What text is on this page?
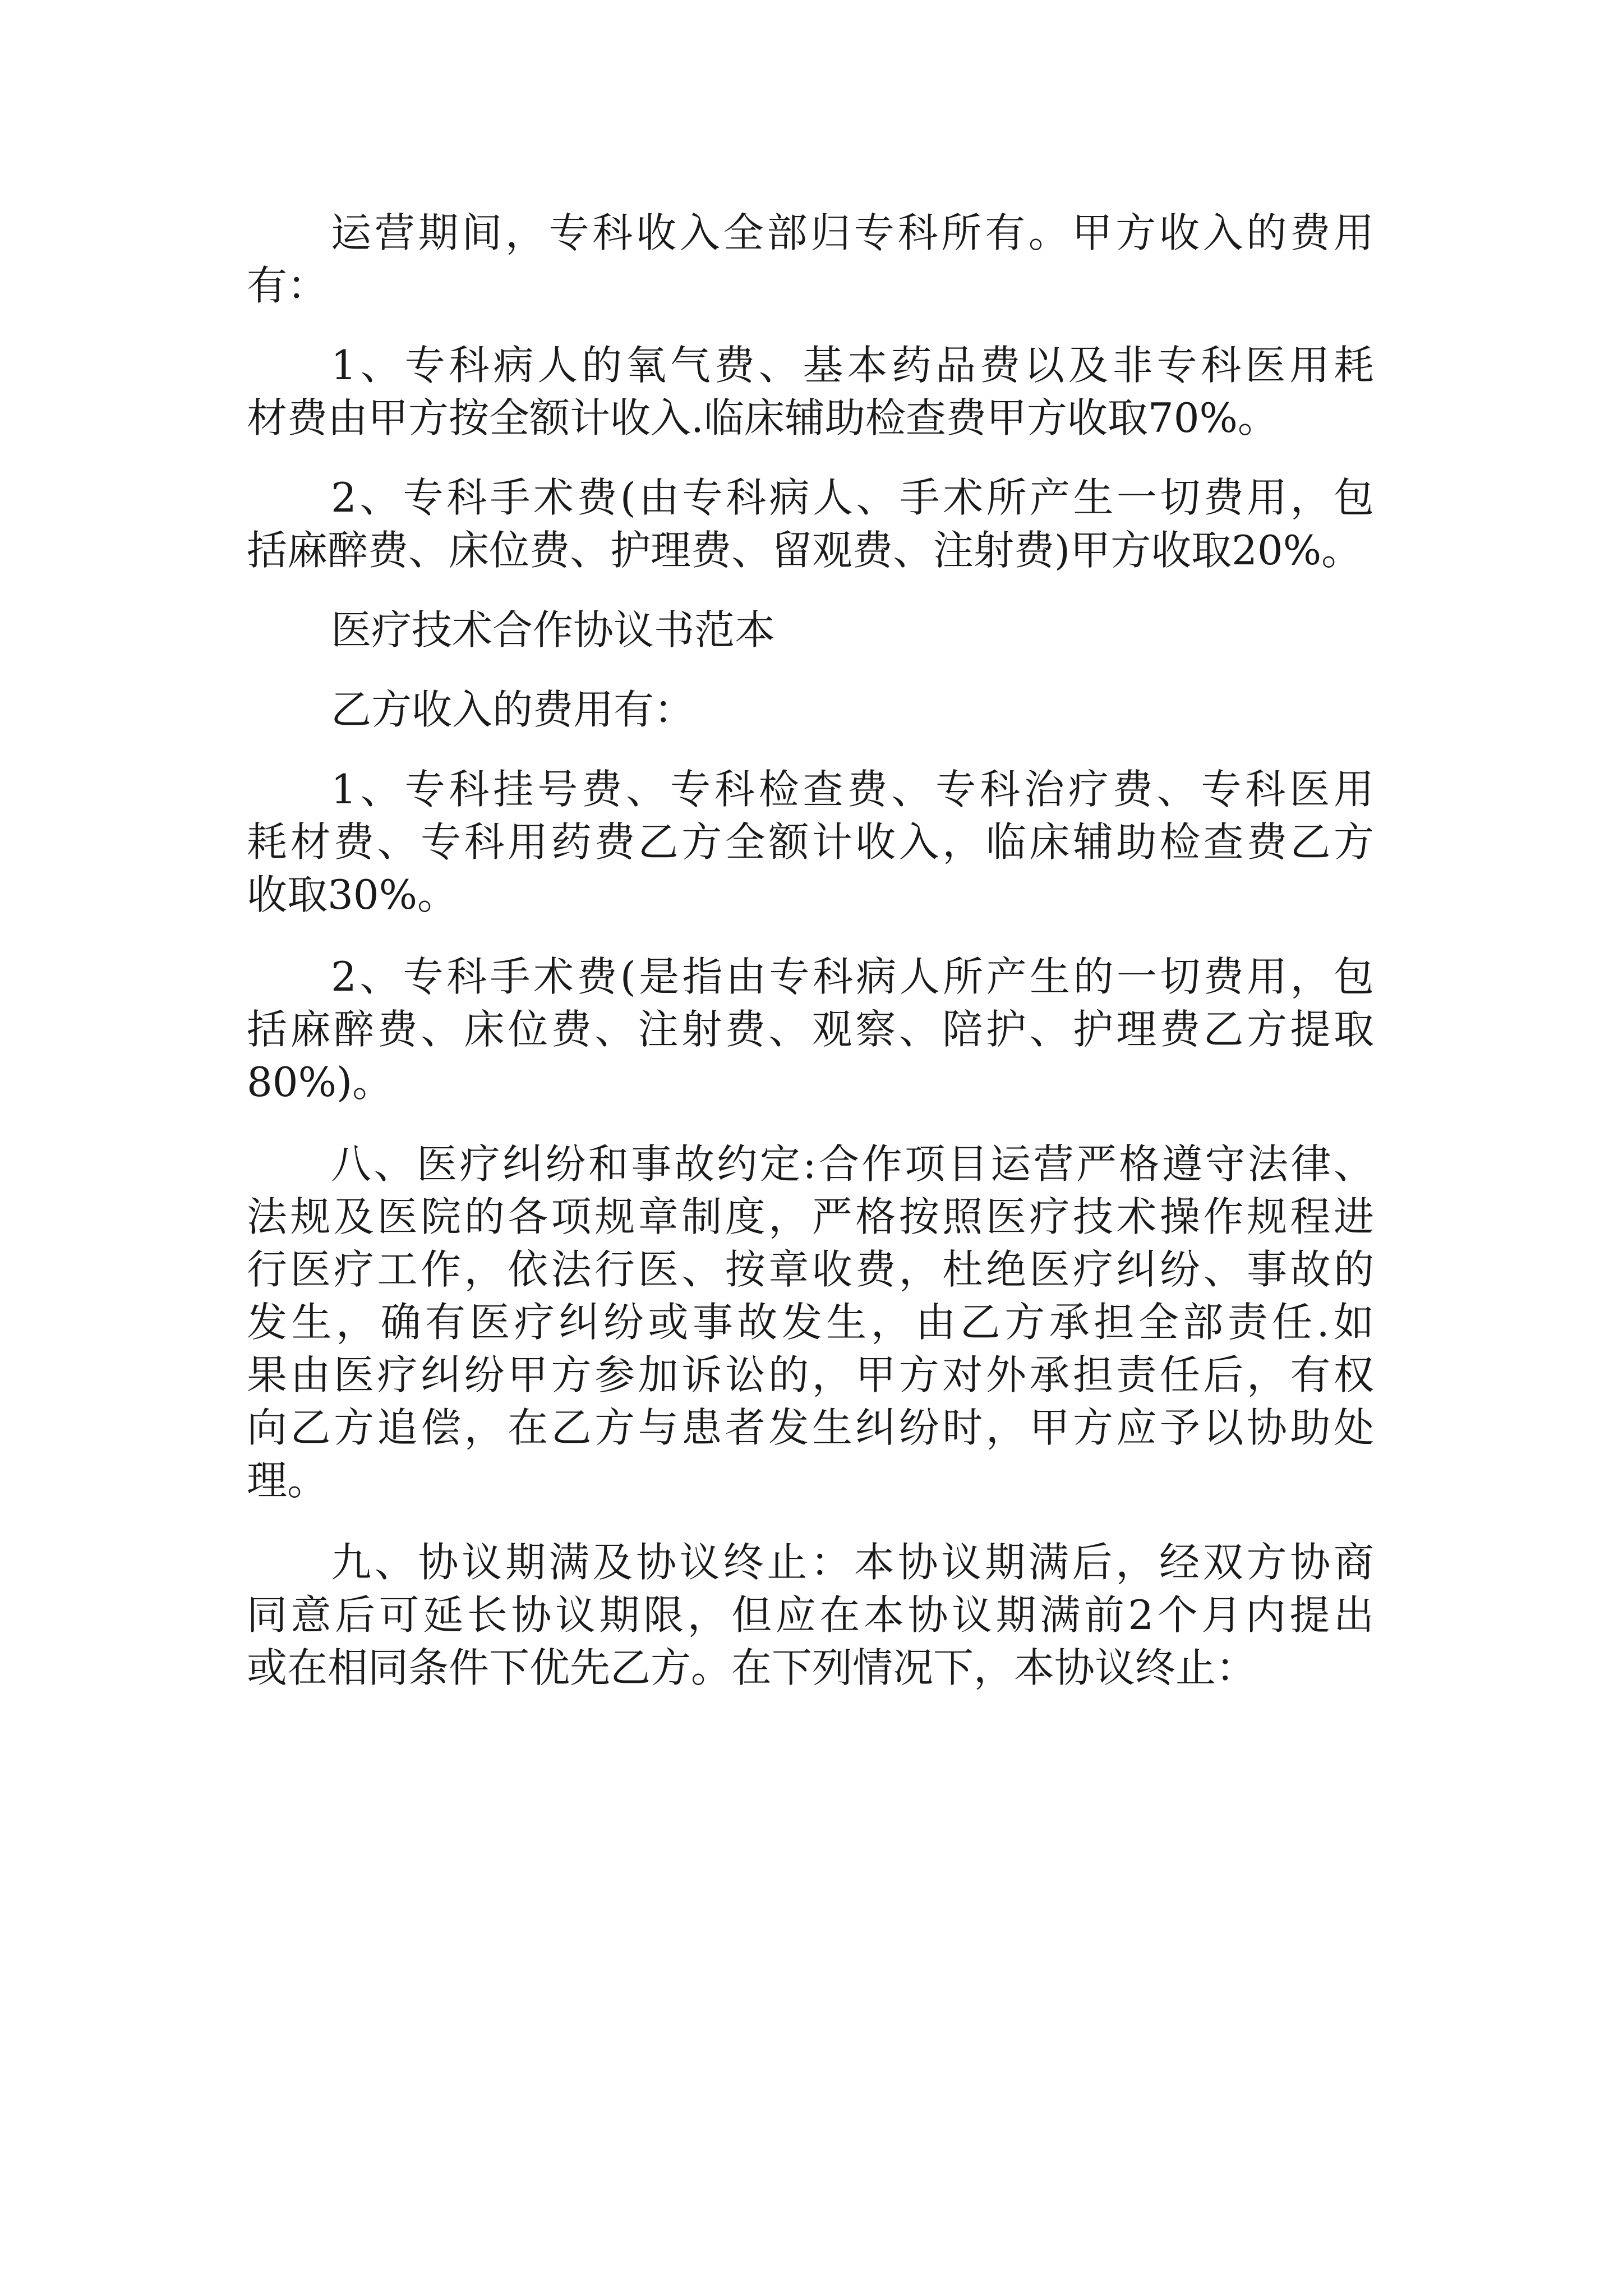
运营期间，专科收入全部归专科所有。甲方收入的费用
有：
1、专科病人的氧气费、基本药品费以及非专科医用耗
材费由甲方按全额计收入.临床辅助检查费甲方收取70%。
2、专科手术费(由专科病人、手术所产生一切费用，包
括麻醉费、床位费、护理费、留观费、注射费)甲方收取20%。
医疗技术合作协议书范本
乙方收入的费用有：
1、专科挂号费、专科检查费、专科治疗费、专科医用
耗材费、专科用药费乙方全额计收入，临床辅助检查费乙方
收取30%。
2、专科手术费(是指由专科病人所产生的一切费用，包
括麻醉费、床位费、注射费、观察、陪护、护理费乙方提取
80%)。
八、医疗纠纷和事故约定:合作项目运营严格遵守法律、
法规及医院的各项规章制度，严格按照医疗技术操作规程进
行医疗工作，依法行医、按章收费，杜绝医疗纠纷、事故的
发生，确有医疗纠纷或事故发生，由乙方承担全部责任.如
果由医疗纠纷甲方参加诉讼的，甲方对外承担责任后，有权
向乙方追偿，在乙方与患者发生纠纷时，甲方应予以协助处
理。
九、协议期满及协议终止：本协议期满后，经双方协商
同意后可延长协议期限，但应在本协议期满前2个月内提出
或在相同条件下优先乙方。在下列情况下，本协议终止：
